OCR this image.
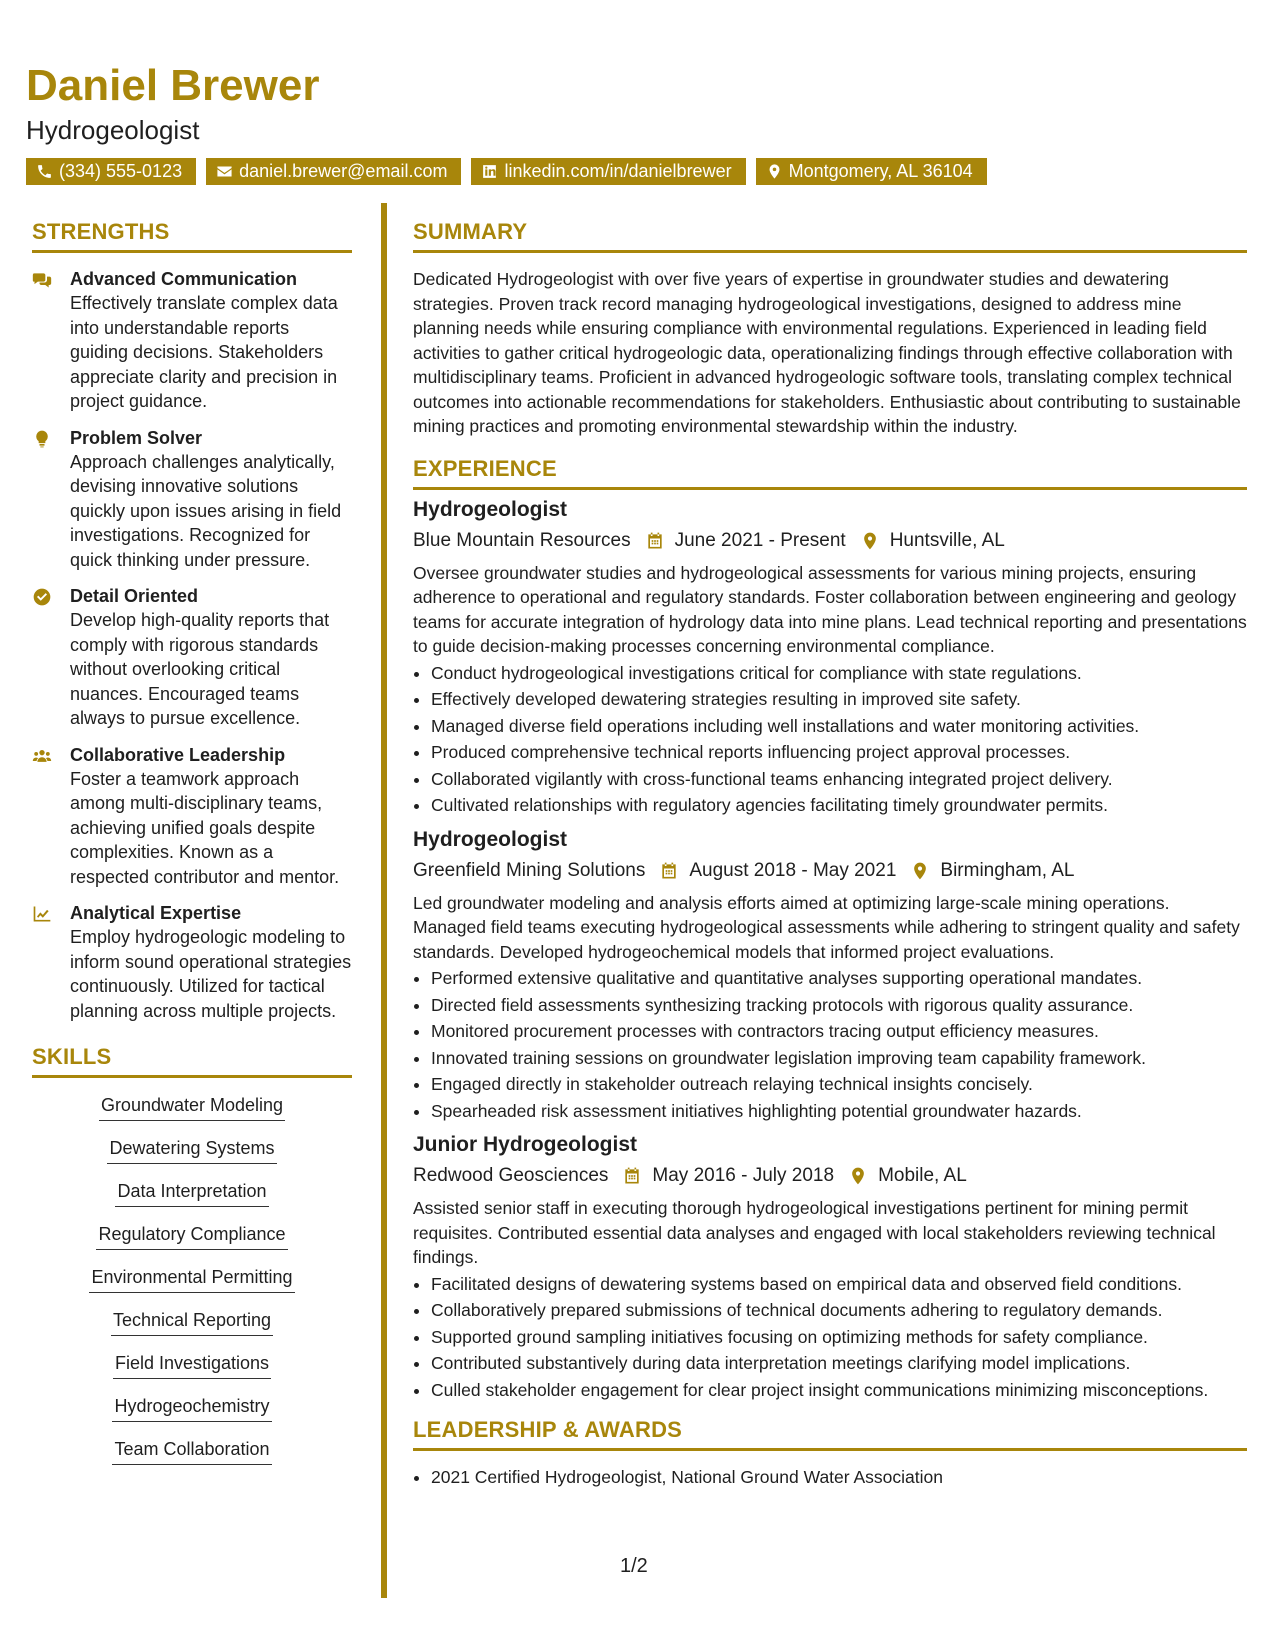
Daniel Brewer
Hydrogeologist
(334) 555-0123	daniel.brewer@email.com	linkedin.com/in/danielbrewer	Montgomery, AL 36104
STRENGTHS
Advanced Communication
Effectively translate complex data into understandable reports guiding decisions. Stakeholders appreciate clarity and precision in project guidance.
Problem Solver
Approach challenges analytically, devising innovative solutions quickly upon issues arising in field investigations. Recognized for quick thinking under pressure.
Detail Oriented
Develop high-quality reports that comply with rigorous standards without overlooking critical nuances. Encouraged teams always to pursue excellence.
Collaborative Leadership
Foster a teamwork approach among multi-disciplinary teams, achieving unified goals despite complexities. Known as a respected contributor and mentor.
Analytical Expertise
Employ hydrogeologic modeling to inform sound operational strategies continuously. Utilized for tactical planning across multiple projects.
SKILLS
Groundwater Modeling
Dewatering Systems
Data Interpretation
Regulatory Compliance
Environmental Permitting
Technical Reporting
Field Investigations
Hydrogeochemistry
Team Collaboration
SUMMARY

Dedicated Hydrogeologist with over five years of expertise in groundwater studies and dewatering strategies. Proven track record managing hydrogeological investigations, designed to address mine planning needs while ensuring compliance with environmental regulations. Experienced in leading field activities to gather critical hydrogeologic data, operationalizing findings through effective collaboration with multidisciplinary teams. Proficient in advanced hydrogeologic software tools, translating complex technical outcomes into actionable recommendations for stakeholders. Enthusiastic about contributing to sustainable mining practices and promoting environmental stewardship within the industry.

EXPERIENCE
Hydrogeologist
Blue Mountain Resources June 2021 - Present Huntsville, AL

Oversee groundwater studies and hydrogeological assessments for various mining projects, ensuring adherence to operational and regulatory standards. Foster collaboration between engineering and geology teams for accurate integration of hydrology data into mine plans. Lead technical reporting and presentations to guide decision-making processes concerning environmental compliance.

• Conduct hydrogeological investigations critical for compliance with state regulations.
• Effectively developed dewatering strategies resulting in improved site safety.
• Managed diverse field operations including well installations and water monitoring activities.
• Produced comprehensive technical reports influencing project approval processes.
• Collaborated vigilantly with cross-functional teams enhancing integrated project delivery.
• Cultivated relationships with regulatory agencies facilitating timely groundwater permits.
Hydrogeologist
Greenfield Mining Solutions August 2018 - May 2021 Birmingham, AL

Led groundwater modeling and analysis efforts aimed at optimizing large-scale mining operations. Managed field teams executing hydrogeological assessments while adhering to stringent quality and safety standards. Developed hydrogeochemical models that informed project evaluations.

• Performed extensive qualitative and quantitative analyses supporting operational mandates.
• Directed field assessments synthesizing tracking protocols with rigorous quality assurance.
• Monitored procurement processes with contractors tracing output efficiency measures.
• Innovated training sessions on groundwater legislation improving team capability framework.
• Engaged directly in stakeholder outreach relaying technical insights concisely.
• Spearheaded risk assessment initiatives highlighting potential groundwater hazards.
Junior Hydrogeologist
Redwood Geosciences May 2016 - July 2018 Mobile, AL

Assisted senior staff in executing thorough hydrogeological investigations pertinent for mining permit requisites. Contributed essential data analyses and engaged with local stakeholders reviewing technical findings.

• Facilitated designs of dewatering systems based on empirical data and observed field conditions.
• Collaboratively prepared submissions of technical documents adhering to regulatory demands.
• Supported ground sampling initiatives focusing on optimizing methods for safety compliance.
• Contributed substantively during data interpretation meetings clarifying model implications.
• Culled stakeholder engagement for clear project insight communications minimizing misconceptions.
LEADERSHIP & AWARDS
• 2021 Certified Hydrogeologist, National Ground Water Association
1/2
